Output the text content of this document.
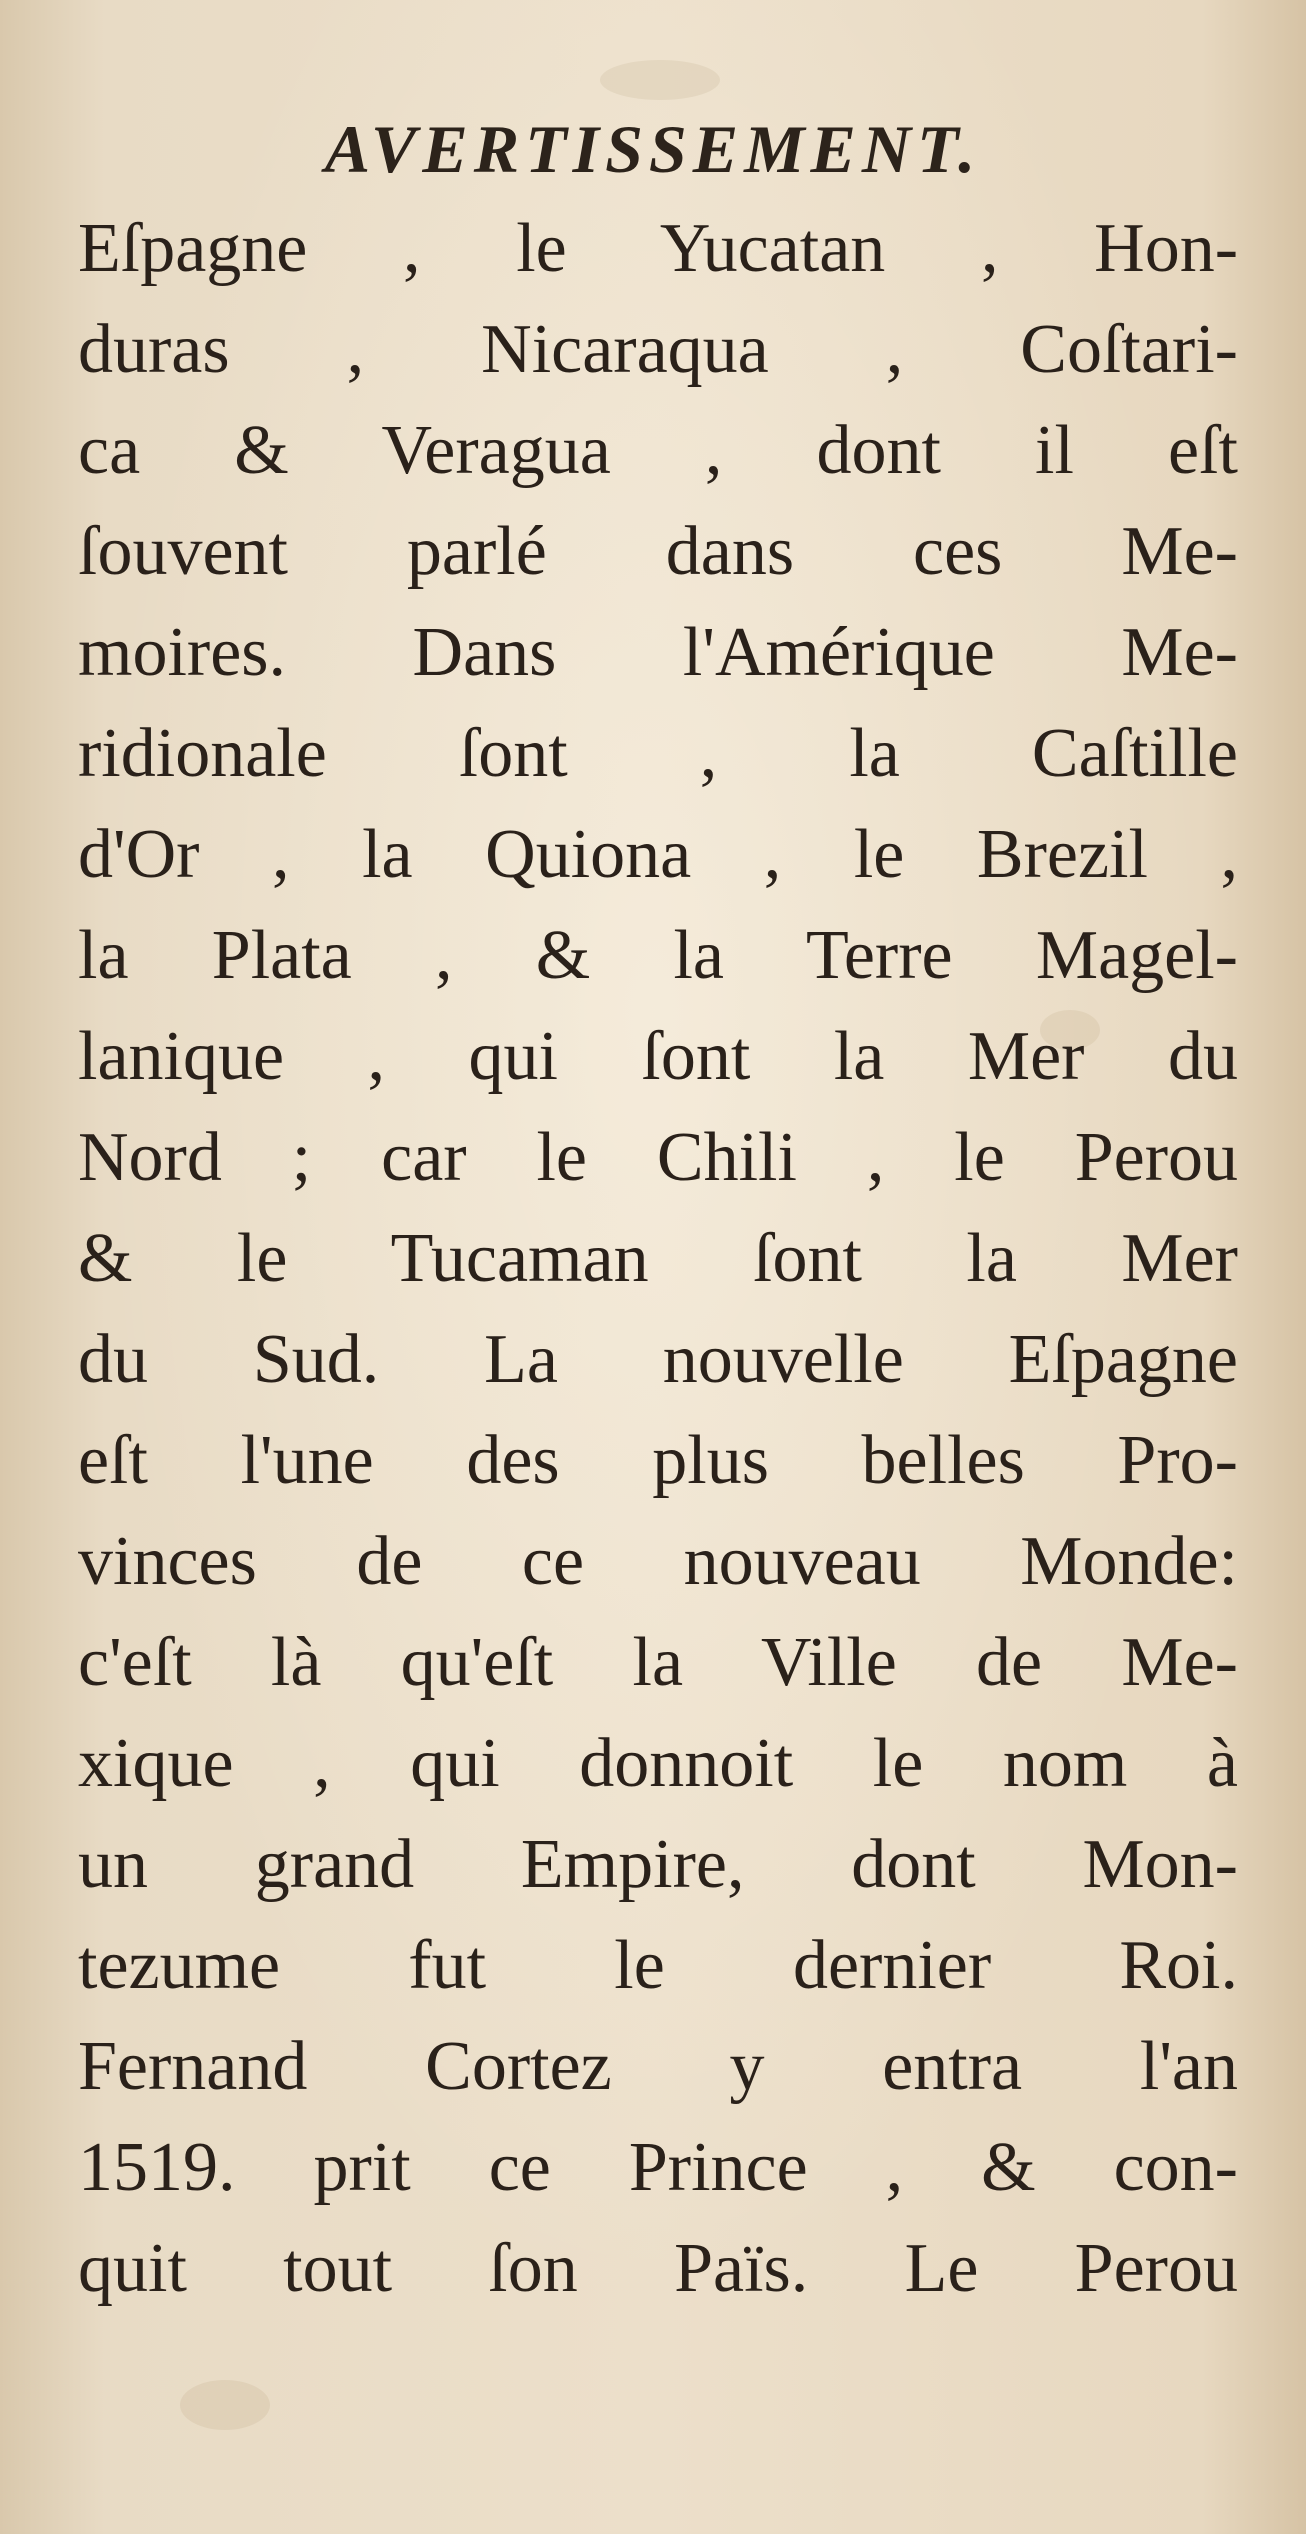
AVERTISSEMENT.
Eſpagne , le Yucatan , Hon-
duras , Nicaraqua , Coſtari-
ca & Veragua , dont il eſt
ſouvent parlé dans ces Me-
moires. Dans l'Amérique Me-
ridionale ſont , la Caſtille
d'Or , la Quiona , le Brezil ,
la Plata , & la Terre Magel-
lanique , qui ſont la Mer du
Nord ; car le Chili , le Perou
& le Tucaman ſont la Mer
du Sud. La nouvelle Eſpagne
eſt l'une des plus belles Pro-
vinces de ce nouveau Monde:
c'eſt là qu'eſt la Ville de Me-
xique , qui donnoit le nom à
un grand Empire, dont Mon-
tezume fut le dernier Roi.
Fernand Cortez y entra l'an
1519. prit ce Prince , & con-
quit tout ſon Païs. Le Perou
